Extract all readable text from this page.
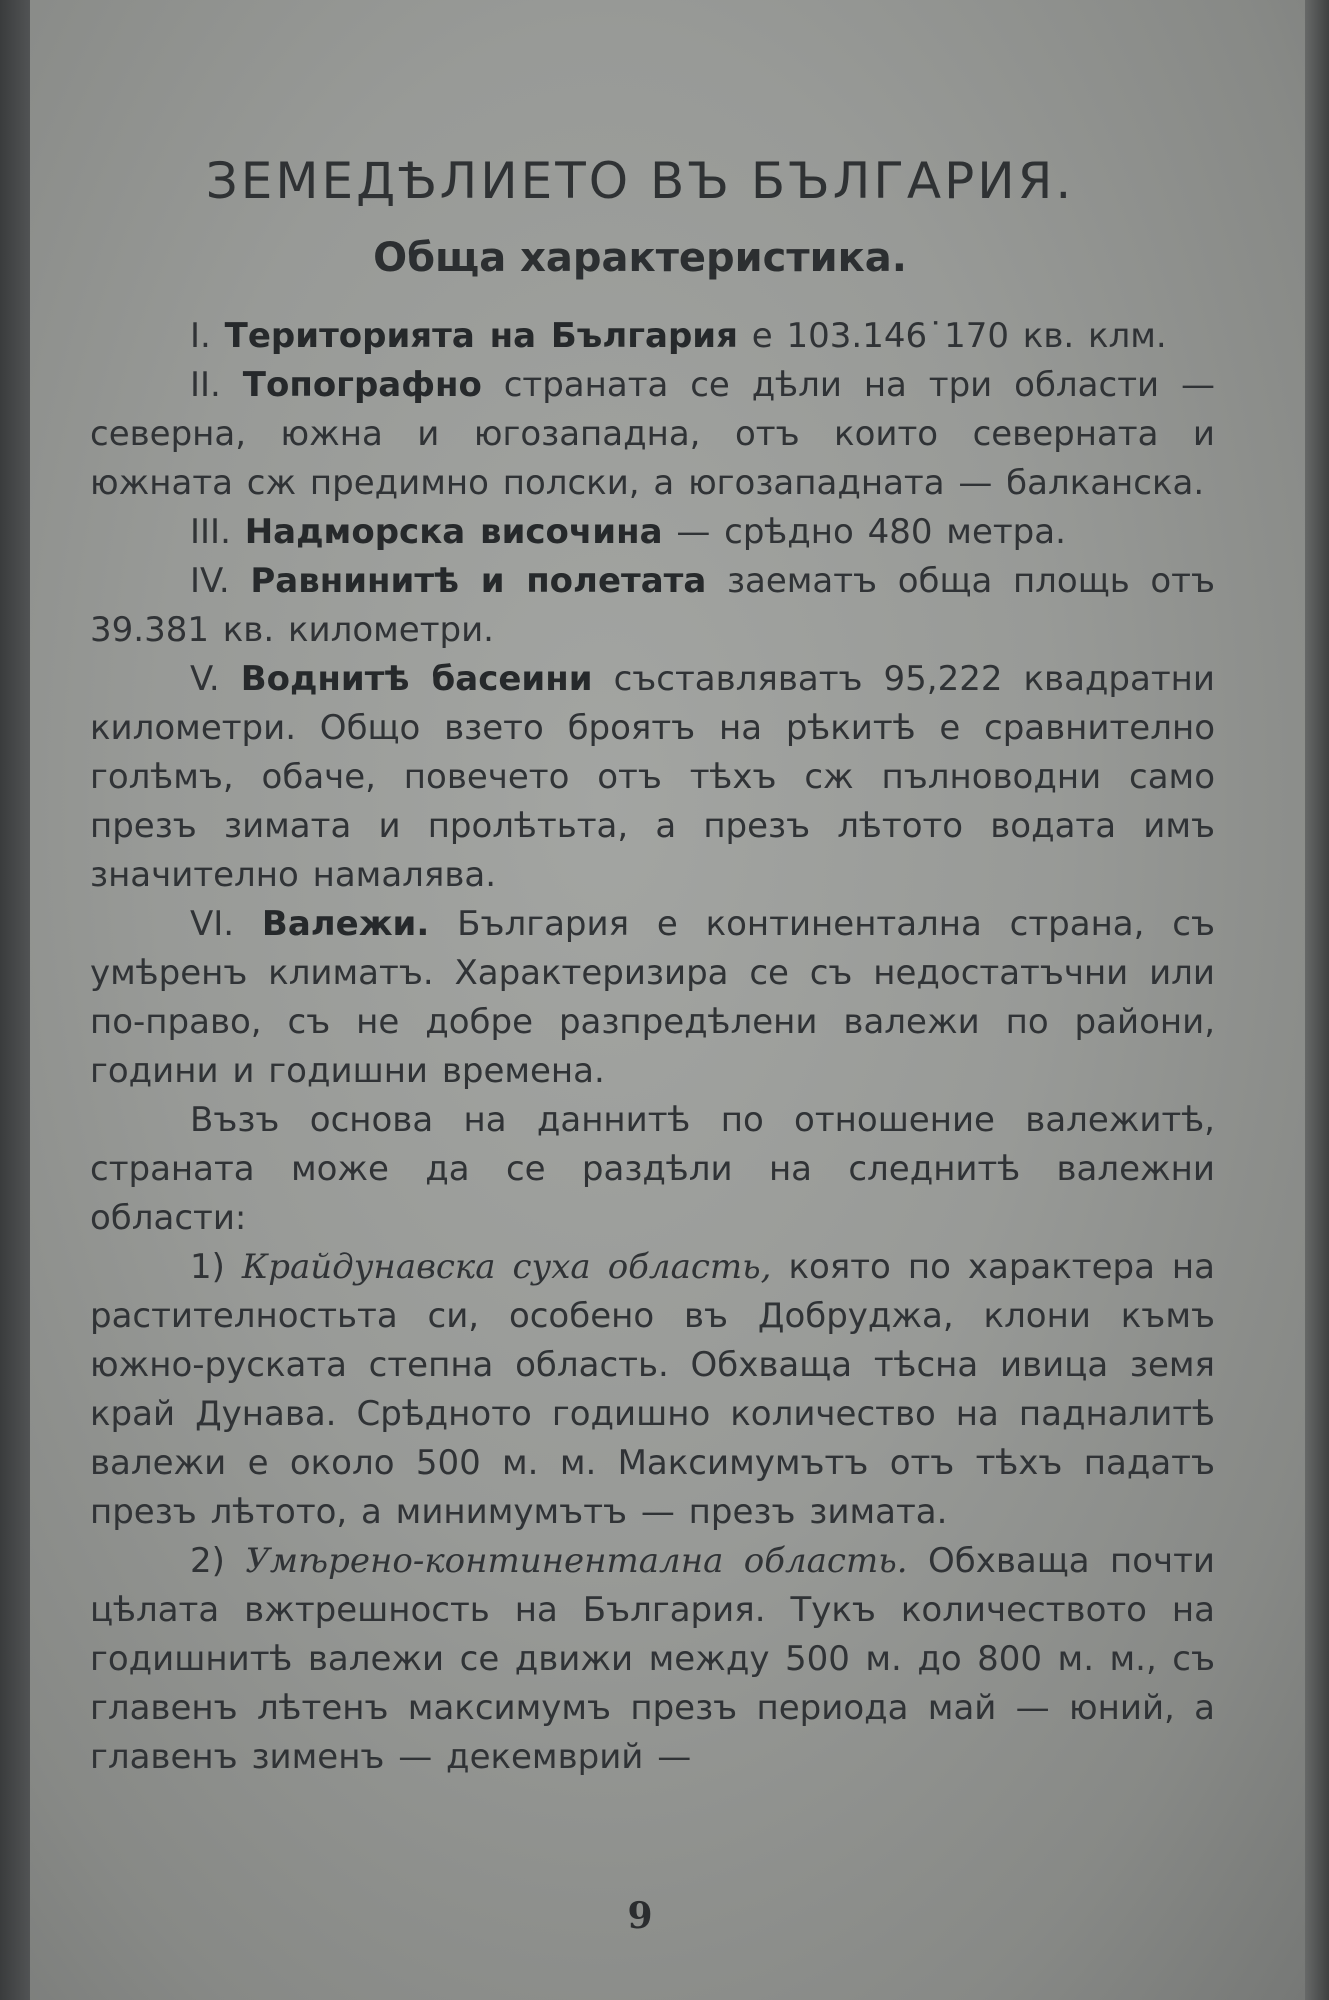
ЗЕМЕДѢЛИЕТО ВЪ БЪЛГАРИЯ.
Обща характеристика.

I. Територията на България е 103.146˙170 кв. клм.

II. Топографно страната се дѣли на три области — северна, южна и югозападна, отъ които северната и южната сж предимно полски, а югозападната — балканска.

III. Надморска височина — срѣдно 480 метра.

IV. Равнинитѣ и полетата заематъ обща площь отъ 39.381 кв. километри.

V. Воднитѣ басеини съставляватъ 95,222 квадратни километри. Общо взето броятъ на рѣкитѣ е сравнително голѣмъ, обаче, повечето отъ тѣхъ сж пълноводни само презъ зимата и пролѣтьта, а презъ лѣтото водата имъ значително намалява.

VI. Валежи. България е континентална страна, съ умѣренъ климатъ. Характеризира се съ недостатъчни или по-право, съ не добре разпредѣлени валежи по райони, години и годишни времена.

Възъ основа на даннитѣ по отношение валежитѣ, страната може да се раздѣли на следнитѣ валежни области:

1) Крайдунавска суха область, която по характера на растителностьта си, особено въ Добруджа, клони къмъ южно-руската степна область. Обхваща тѣсна ивица земя край Дунава. Срѣдното годишно количество на падналитѣ валежи е около 500 м. м. Максимумътъ отъ тѣхъ падатъ презъ лѣтото, а минимумътъ — презъ зимата.

2) Умѣрено-континентална область. Обхваща почти цѣлата вжтрешность на България. Тукъ количеството на годишнитѣ валежи се движи между 500 м. до 800 м. м., съ главенъ лѣтенъ максимумъ презъ периода май — юний, а главенъ зименъ — декемврий —

9
